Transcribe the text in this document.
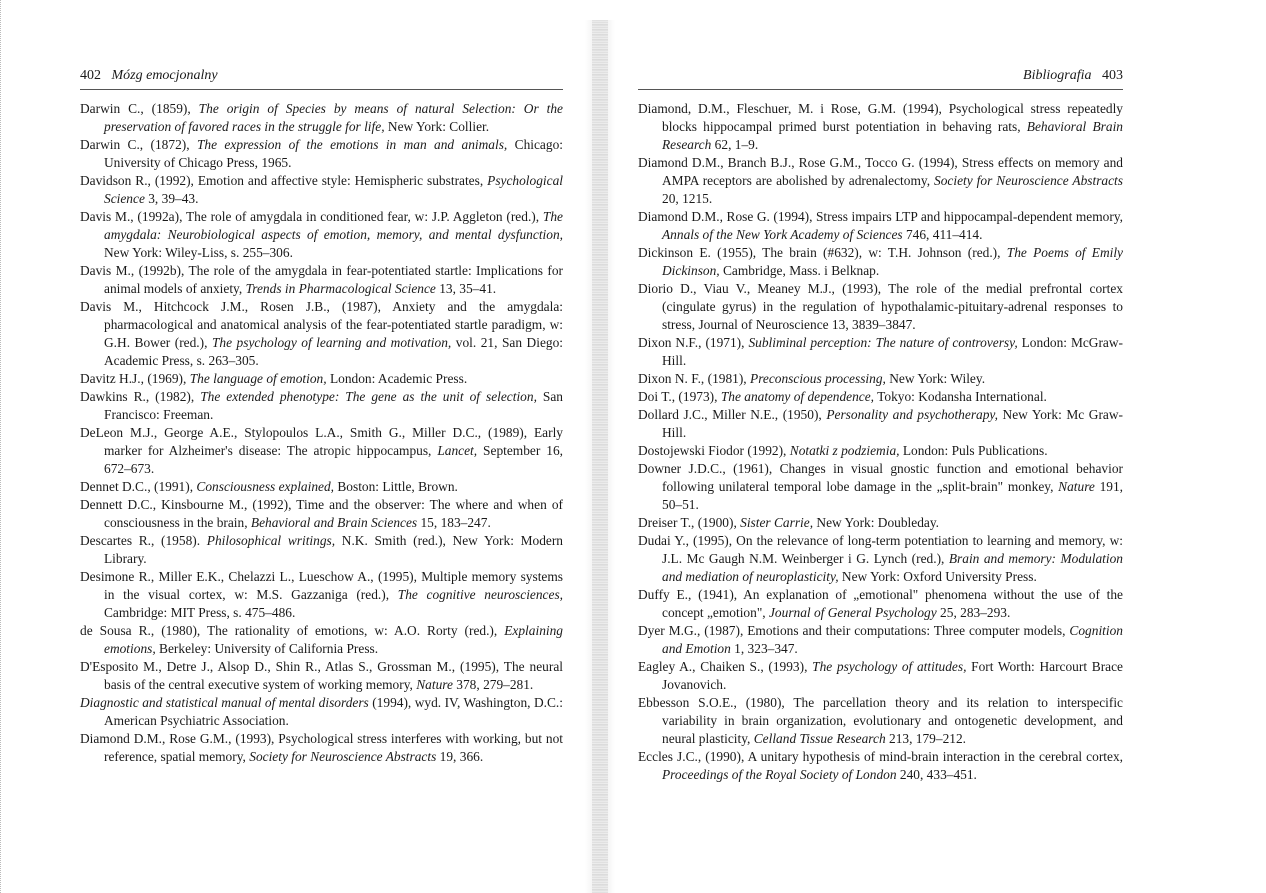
402 Mózg emocjonalny

Darwin C., (1859), The origin of Species by means of natural Selection: Or the preservation of favored races in the struggle for life, New York: Collier.

Darwin C., (1872), The expression of the emotions in man and animals, Chicago: University of Chicago Press, 1965.

Davidson R., (1992), Emotion and affective style: Hemispheric substrates, Psychological Science 3, 39–43.

Davis M., (1992a), The role of amygdala in conditioned fear, w: J.P. Aggleton (red.), The amygdala: Neurobiological aspects of emotion, memory, and mental dysfunction, New York: Wiley-Liss, s. 255–306.

Davis M., (1992b), The role of the amygdala in fear-potentiated startle: Implications for animal models of anxiety, Trends in Pharmacological Science 13, 35–41.

Davis M., Hitchcock J.M., Rosen J.B., (1987), Anxiety and the amygdala: pharmacological and anatomical analysis of the fear-potentiated startle paradigm, w: G.H. Bower (red.), The psychology of learning and motivation, vol. 21, San Diego: Academic Press, s. 263–305.

Davitz H.J., (1969), The language of emotion, London: Academic Press.

Dawkins R., (1982), The extended phenotype: The gene as the unit of selection, San Francisco: Freeman.

DeLeon M.J., George A.E., Stylopoulos L.A., Smith G., Miller D.C., (1989), Early marker for Alzheimer's disease: The atropic hippocampus, Lancet, September 16, 672–673.

Dennet D.C., (1991), Consciousness explained, Boston: Little, Brown.

Dennett D.C., Kinsbourne M., (1992), Time and the observer: The where and when of consciousness in the brain, Behavioral and Brain Sciences 15, 183–247.

Descartes R., (1958). Philosophical writings, N.K. Smith (red.), New York: Modern Library.

Desimone R., Miller E.K., Chelazzi L., Lueschow A., (1995), Multiple memory systems in the visual cortex, w: M.S. Gazzaniga (red.), The cognitive neurosciences, Cambridge: MIT Press, s. 475–486.

de Sousa R., (1980), The rationality of emotions, w: A.O. Rorty (red.), Explaining emotions, Berkeley: University of California Press.

D'Esposito M., Detre J., Alsop D., Shin R., Atlas S., Grossman M., (1995), The neural basis of the central executive system of working memory, Nature 378, 279–281.

Diagnostic and statistical manual of mental disorders (1994), wyd. IV, Washington, D.C.: American Psychiatric Association.

Diamond D.M., Rose G.M., (1993), Psychological stress interferes with working, but not reference, spatial memory, Society for Neuroscience Abstracts 19, 366.

Bibliografia 403

Diamond, D.M., Fleschuer, M. i Rose, G.M. (1994), Psychological stress repeatedly blocks hippocampal primed burst potentiation in behaving rats, Behavioral Brain Research 62, 1–9.

Diamond D.M., Branch B.J., Rose G.M., Tocco G. (1994), Stress effects on memory and AMPA receptors are abolished by adrenalectomy, Society for Neuroscience Abstracts 20, 1215.

Diamond D.M., Rose G. (1994), Stress impairs LTP and hippocampal-dependent memory, Annals of the New York Academy of Sciences 746, 411–414.

Dickinson E. (1955), The brain (#632), w: T.H. Johnson (red.), The Poems of Emily Dickinson, Cambridge, Mass. i Belknap.

Diorio D., Viau V., Meaney M.J., (1993), The role of the medial prefrontal cortex (cingulate gyrus) in the regulation of hypothalamic-pituitary-adrenal responses to stress, Journal of Neuroscience 13, 3839–3847.

Dixon N.F., (1971), Subliminal perception: The nature of controversy, London: McGraw-Hill.

Dixon N. F., (1981), Preconscious processing, New York: Wiley.

Doi T., (1973), The anatomy of dependence, Tokyo: Kodansha International.

Dollard J.C., Miller N.E., (1950), Personality and psychotherapy, New York: Mc Graw-Hill.

Dostojewski Fiodor (1992), Notatki z podziemia, London: Puls Publications.

Downer J.D.C., (1961), Changes in visual gnostic function and emotional behavior following unilateral temporal lobe damage in the „split-brain" monkey, Nature 191, 50–51.

Dreiser T., (1900), Sister Carrie, New York: Doubleday.

Dudai Y., (1995), On the relevance of long-term potentiation to learning and memory, w: J.L. Mc Gaugh N.M. Weinberger i G. Lynch (red.), Brain and memory: Modulation and mediation of neuroplasticity, New York: Oxford University Press.

Duffy E., (1941), An explanation of „emotional" phenomena without the use of the concept „emotion", Journal of General Psychology 25, 283–293.

Dyer M.G., (1987), Emotions and their computations: Three computer models, Cognition and Emotion 1, 323–347.

Eagley A., Chaiken S., (1993), The psychology of attitudes, Fort Worth: Harcourt Brace Jovanovich.

Ebbesson S.O.E., (1980), The parcellation theory and its relation to interspecific variability in brain organization, evolutionary and ontogenetic development, and neural plasticity, Celland Tissue Research 213, 179–212.

Eccles J.C., (1990), A unitary hypothesis of mind-brain interaction in the cerebral cortex, Proceedings of the Royal Society of London 240, 433–451.
